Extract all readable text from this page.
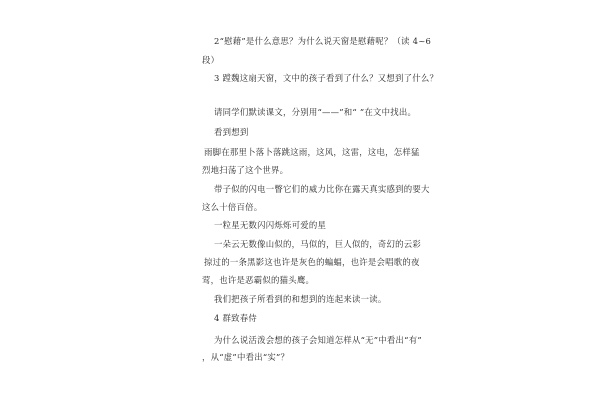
2“慰藉”是什么意思？为什么说天窗是慰藉呢？（读 4~6
段）
3 蹚魏这扇天窗，文中的孩子看到了什么？又想到了什么？
请同学们默读课文，分别用“——”和“ ”在文中找出。
看到想到
雨脚在那里卜落卜落跳这雨，这风，这雷，这电，怎样猛
烈地扫荡了这个世界。
带子似的闪电一瞥它们的威力比你在露天真实感到的要大
这么十倍百倍。
一粒星无数闪闪烁烁可爱的星
一朵云无数像山似的，马似的，巨人似的，奇幻的云彩
掠过的一条黑影这也许是灰色的蝙蝠，也许是会唱歌的夜
莺，也许是恶霸似的猫头鹰。
我们把孩子所看到的和想到的连起来读一读。
4 群致春侍
为什么说活泼会想的孩子会知道怎样从“无”中看出“有”
，从“虚”中看出“实”？
